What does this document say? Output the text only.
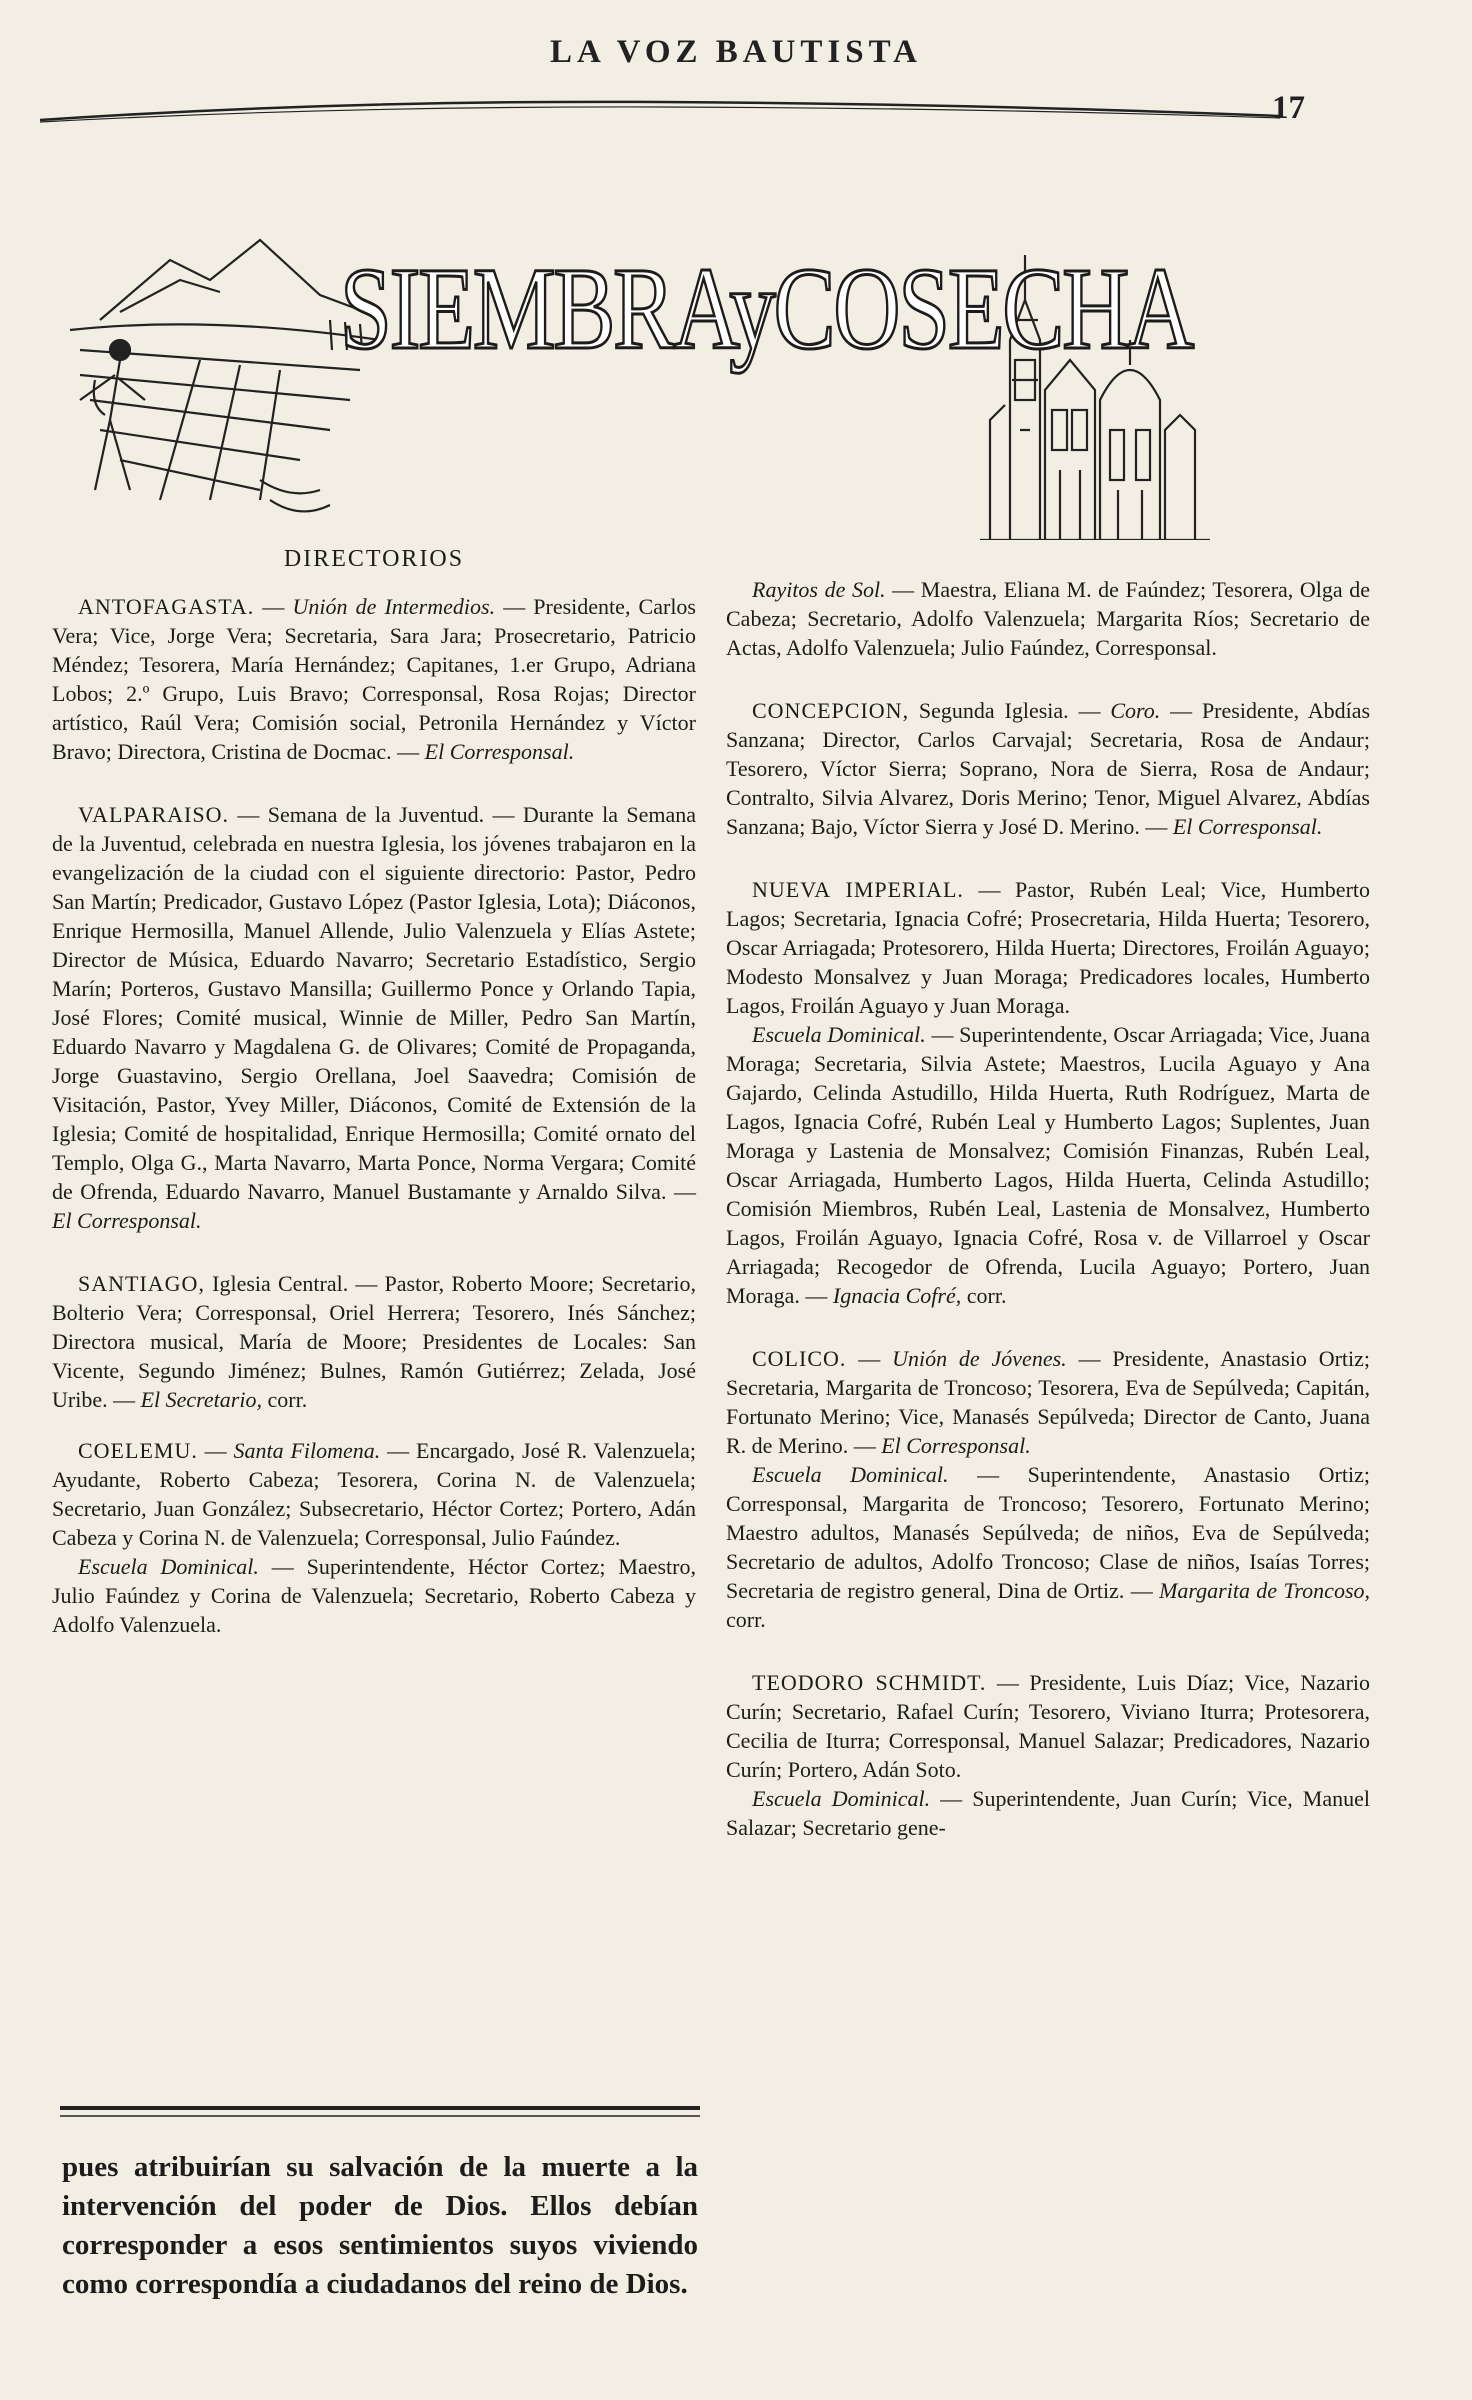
LA VOZ BAUTISTA
17
SIEMBRAyCOSECHA
DIRECTORIOS

ANTOFAGASTA. — Unión de Intermedios. — Presidente, Carlos Vera; Vice, Jorge Vera; Secretaria, Sara Jara; Prosecretario, Patricio Méndez; Tesorera, María Hernández; Capitanes, 1.er Grupo, Adriana Lobos; 2.º Grupo, Luis Bravo; Corresponsal, Rosa Rojas; Director artístico, Raúl Vera; Comisión social, Petronila Hernández y Víctor Bravo; Directora, Cristina de Docmac. — El Corresponsal.

VALPARAISO. — Semana de la Juventud. — Durante la Semana de la Juventud, celebrada en nuestra Iglesia, los jóvenes trabajaron en la evangelización de la ciudad con el siguiente directorio: Pastor, Pedro San Martín; Predicador, Gustavo López (Pastor Iglesia, Lota); Diáconos, Enrique Hermosilla, Manuel Allende, Julio Valenzuela y Elías Astete; Director de Música, Eduardo Navarro; Secretario Estadístico, Sergio Marín; Porteros, Gustavo Mansilla; Guillermo Ponce y Orlando Tapia, José Flores; Comité musical, Winnie de Miller, Pedro San Martín, Eduardo Navarro y Magdalena G. de Olivares; Comité de Propaganda, Jorge Guastavino, Sergio Orellana, Joel Saavedra; Comisión de Visitación, Pastor, Yvey Miller, Diáconos, Comité de Extensión de la Iglesia; Comité de hospitalidad, Enrique Hermosilla; Comité ornato del Templo, Olga G., Marta Navarro, Marta Ponce, Norma Vergara; Comité de Ofrenda, Eduardo Navarro, Manuel Bustamante y Arnaldo Silva. — El Corresponsal.

SANTIAGO, Iglesia Central. — Pastor, Roberto Moore; Secretario, Bolterio Vera; Corresponsal, Oriel Herrera; Tesorero, Inés Sánchez; Directora musical, María de Moore; Presidentes de Locales: San Vicente, Segundo Jiménez; Bulnes, Ramón Gutiérrez; Zelada, José Uribe. — El Secretario, corr.

COELEMU. — Santa Filomena. — Encargado, José R. Valenzuela; Ayudante, Roberto Cabeza; Tesorera, Corina N. de Valenzuela; Secretario, Juan González; Subsecretario, Héctor Cortez; Portero, Adán Cabeza y Corina N. de Valenzuela; Corresponsal, Julio Faúndez.

Escuela Dominical. — Superintendente, Héctor Cortez; Maestro, Julio Faúndez y Corina de Valenzuela; Secretario, Roberto Cabeza y Adolfo Valenzuela.

pues atribuirían su salvación de la muerte a la intervención del poder de Dios. Ellos debían corresponder a esos sentimientos suyos viviendo como correspondía a ciudadanos del reino de Dios.

Rayitos de Sol. — Maestra, Eliana M. de Faúndez; Tesorera, Olga de Cabeza; Secretario, Adolfo Valenzuela; Margarita Ríos; Secretario de Actas, Adolfo Valenzuela; Julio Faúndez, Corresponsal.

CONCEPCION, Segunda Iglesia. — Coro. — Presidente, Abdías Sanzana; Director, Carlos Carvajal; Secretaria, Rosa de Andaur; Tesorero, Víctor Sierra; Soprano, Nora de Sierra, Rosa de Andaur; Contralto, Silvia Alvarez, Doris Merino; Tenor, Miguel Alvarez, Abdías Sanzana; Bajo, Víctor Sierra y José D. Merino. — El Corresponsal.

NUEVA IMPERIAL. — Pastor, Rubén Leal; Vice, Humberto Lagos; Secretaria, Ignacia Cofré; Prosecretaria, Hilda Huerta; Tesorero, Oscar Arriagada; Protesorero, Hilda Huerta; Directores, Froilán Aguayo; Modesto Monsalvez y Juan Moraga; Predicadores locales, Humberto Lagos, Froilán Aguayo y Juan Moraga.

Escuela Dominical. — Superintendente, Oscar Arriagada; Vice, Juana Moraga; Secretaria, Silvia Astete; Maestros, Lucila Aguayo y Ana Gajardo, Celinda Astudillo, Hilda Huerta, Ruth Rodríguez, Marta de Lagos, Ignacia Cofré, Rubén Leal y Humberto Lagos; Suplentes, Juan Moraga y Lastenia de Monsalvez; Comisión Finanzas, Rubén Leal, Oscar Arriagada, Humberto Lagos, Hilda Huerta, Celinda Astudillo; Comisión Miembros, Rubén Leal, Lastenia de Monsalvez, Humberto Lagos, Froilán Aguayo, Ignacia Cofré, Rosa v. de Villarroel y Oscar Arriagada; Recogedor de Ofrenda, Lucila Aguayo; Portero, Juan Moraga. — Ignacia Cofré, corr.

COLICO. — Unión de Jóvenes. — Presidente, Anastasio Ortiz; Secretaria, Margarita de Troncoso; Tesorera, Eva de Sepúlveda; Capitán, Fortunato Merino; Vice, Manasés Sepúlveda; Director de Canto, Juana R. de Merino. — El Corresponsal.

Escuela Dominical. — Superintendente, Anastasio Ortiz; Corresponsal, Margarita de Troncoso; Tesorero, Fortunato Merino; Maestro adultos, Manasés Sepúlveda; de niños, Eva de Sepúlveda; Secretario de adultos, Adolfo Troncoso; Clase de niños, Isaías Torres; Secretaria de registro general, Dina de Ortiz. — Margarita de Troncoso, corr.

TEODORO SCHMIDT. — Presidente, Luis Díaz; Vice, Nazario Curín; Secretario, Rafael Curín; Tesorero, Viviano Iturra; Protesorera, Cecilia de Iturra; Corresponsal, Manuel Salazar; Predicadores, Nazario Curín; Portero, Adán Soto.

Escuela Dominical. — Superintendente, Juan Curín; Vice, Manuel Salazar; Secretario gene-
